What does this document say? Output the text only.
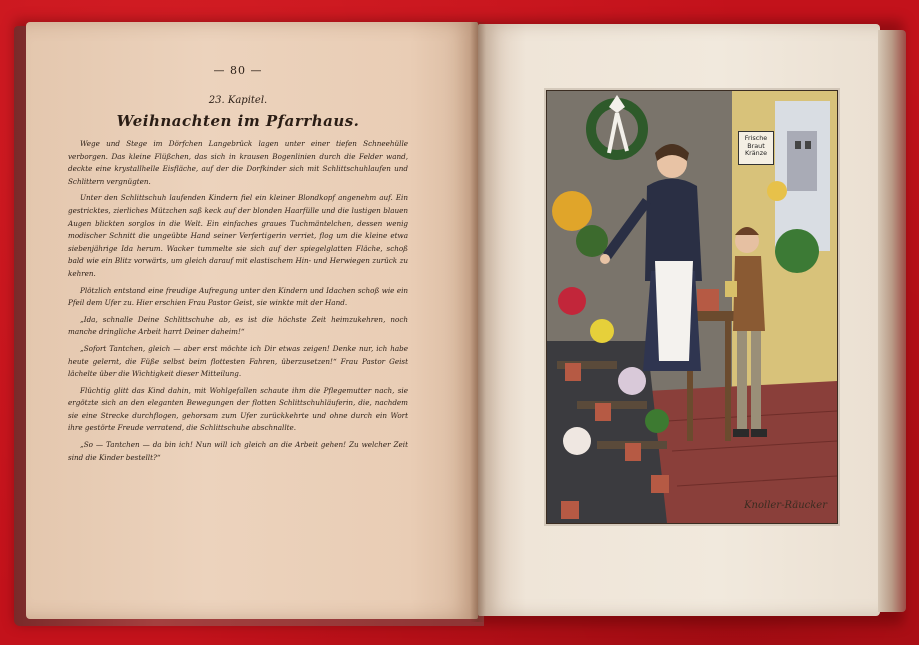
— 80 —
23. Kapitel.
Weihnachten im Pfarrhaus.

Wege und Stege im Dörfchen Langebrück lagen unter einer tiefen Schneehülle verborgen. Das kleine Flüßchen, das sich in krausen Bogenlinien durch die Felder wand, deckte eine krystallhelle Eisfläche, auf der die Dorfkinder sich mit Schlittschuhlaufen und Schlittern vergnügten.

Unter den Schlittschuh laufenden Kindern fiel ein kleiner Blondkopf angenehm auf. Ein gestricktes, zierliches Mützchen saß keck auf der blonden Haarfülle und die lustigen blauen Augen blickten sorglos in die Welt. Ein einfaches graues Tuchmäntelchen, dessen wenig modischer Schnitt die ungeübte Hand seiner Verfertigerin verriet, flog um die kleine etwa siebenjährige Ida herum. Wacker tummelte sie sich auf der spiegelglatten Fläche, schoß bald wie ein Blitz vorwärts, um gleich darauf mit elastischem Hin- und Herwiegen zurück zu kehren.

Plötzlich entstand eine freudige Aufregung unter den Kindern und Idachen schoß wie ein Pfeil dem Ufer zu. Hier erschien Frau Pastor Geist, sie winkte mit der Hand.

„Ida, schnalle Deine Schlittschuhe ab, es ist die höchste Zeit heimzukehren, noch manche dringliche Arbeit harrt Deiner daheim!“

„Sofort Tantchen, gleich — aber erst möchte ich Dir etwas zeigen! Denke nur, ich habe heute gelernt, die Füße selbst beim flottesten Fahren, überzusetzen!“ Frau Pastor Geist lächelte über die Wichtigkeit dieser Mitteilung.

Flüchtig glitt das Kind dahin, mit Wohlgefallen schaute ihm die Pflegemutter nach, sie ergötzte sich an den eleganten Bewegungen der flotten Schlittschuhläuferin, die, nachdem sie eine Strecke durchflogen, gehorsam zum Ufer zurückkehrte und ohne durch ein Wort ihre gestörte Freude verratend, die Schlittschuhe abschnallte.

„So — Tantchen — da bin ich! Nun will ich gleich an die Arbeit gehen! Zu welcher Zeit sind die Kinder bestellt?“

Frische
Braut
Kränze
Knoller-Räucker
